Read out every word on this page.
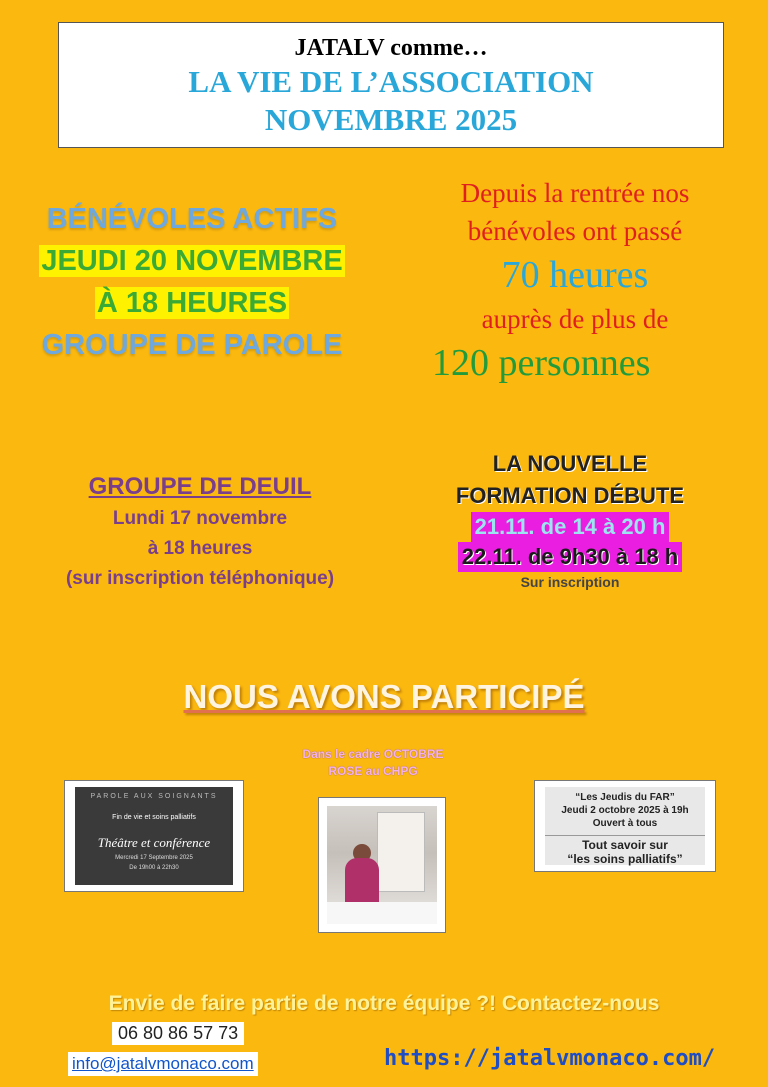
JATALV comme…
LA VIE DE L’ASSOCIATION
NOVEMBRE 2025
BÉNÉVOLES ACTIFS
JEUDI 20 NOVEMBRE
À 18 HEURES
GROUPE DE PAROLE
Depuis la rentrée nos
bénévoles ont passé
70 heures
auprès de plus de
120 personnes
GROUPE DE DEUIL
Lundi 17 novembre
à 18 heures
(sur inscription téléphonique)
LA NOUVELLE
FORMATION DÉBUTE
21.11. de 14 à 20 h
22.11. de 9h30 à 18 h
Sur inscription
NOUS AVONS PARTICIPÉ
PAROLE AUX SOIGNANTS
Fin de vie et soins palliatifs
Théâtre et conférence
Mercredi 17 Septembre 2025
De 19h00 à 22h30
Dans le cadre OCTOBRE ROSE au CHPG
“Les Jeudis du FAR”
Jeudi 2 octobre 2025 à 19h
Ouvert à tous
Tout savoir sur
“les soins palliatifs”
Envie de faire partie de notre équipe ?! Contactez-nous
06 80 86 57 73
info@jatalvmonaco.com	https://jatalvmonaco.com/
